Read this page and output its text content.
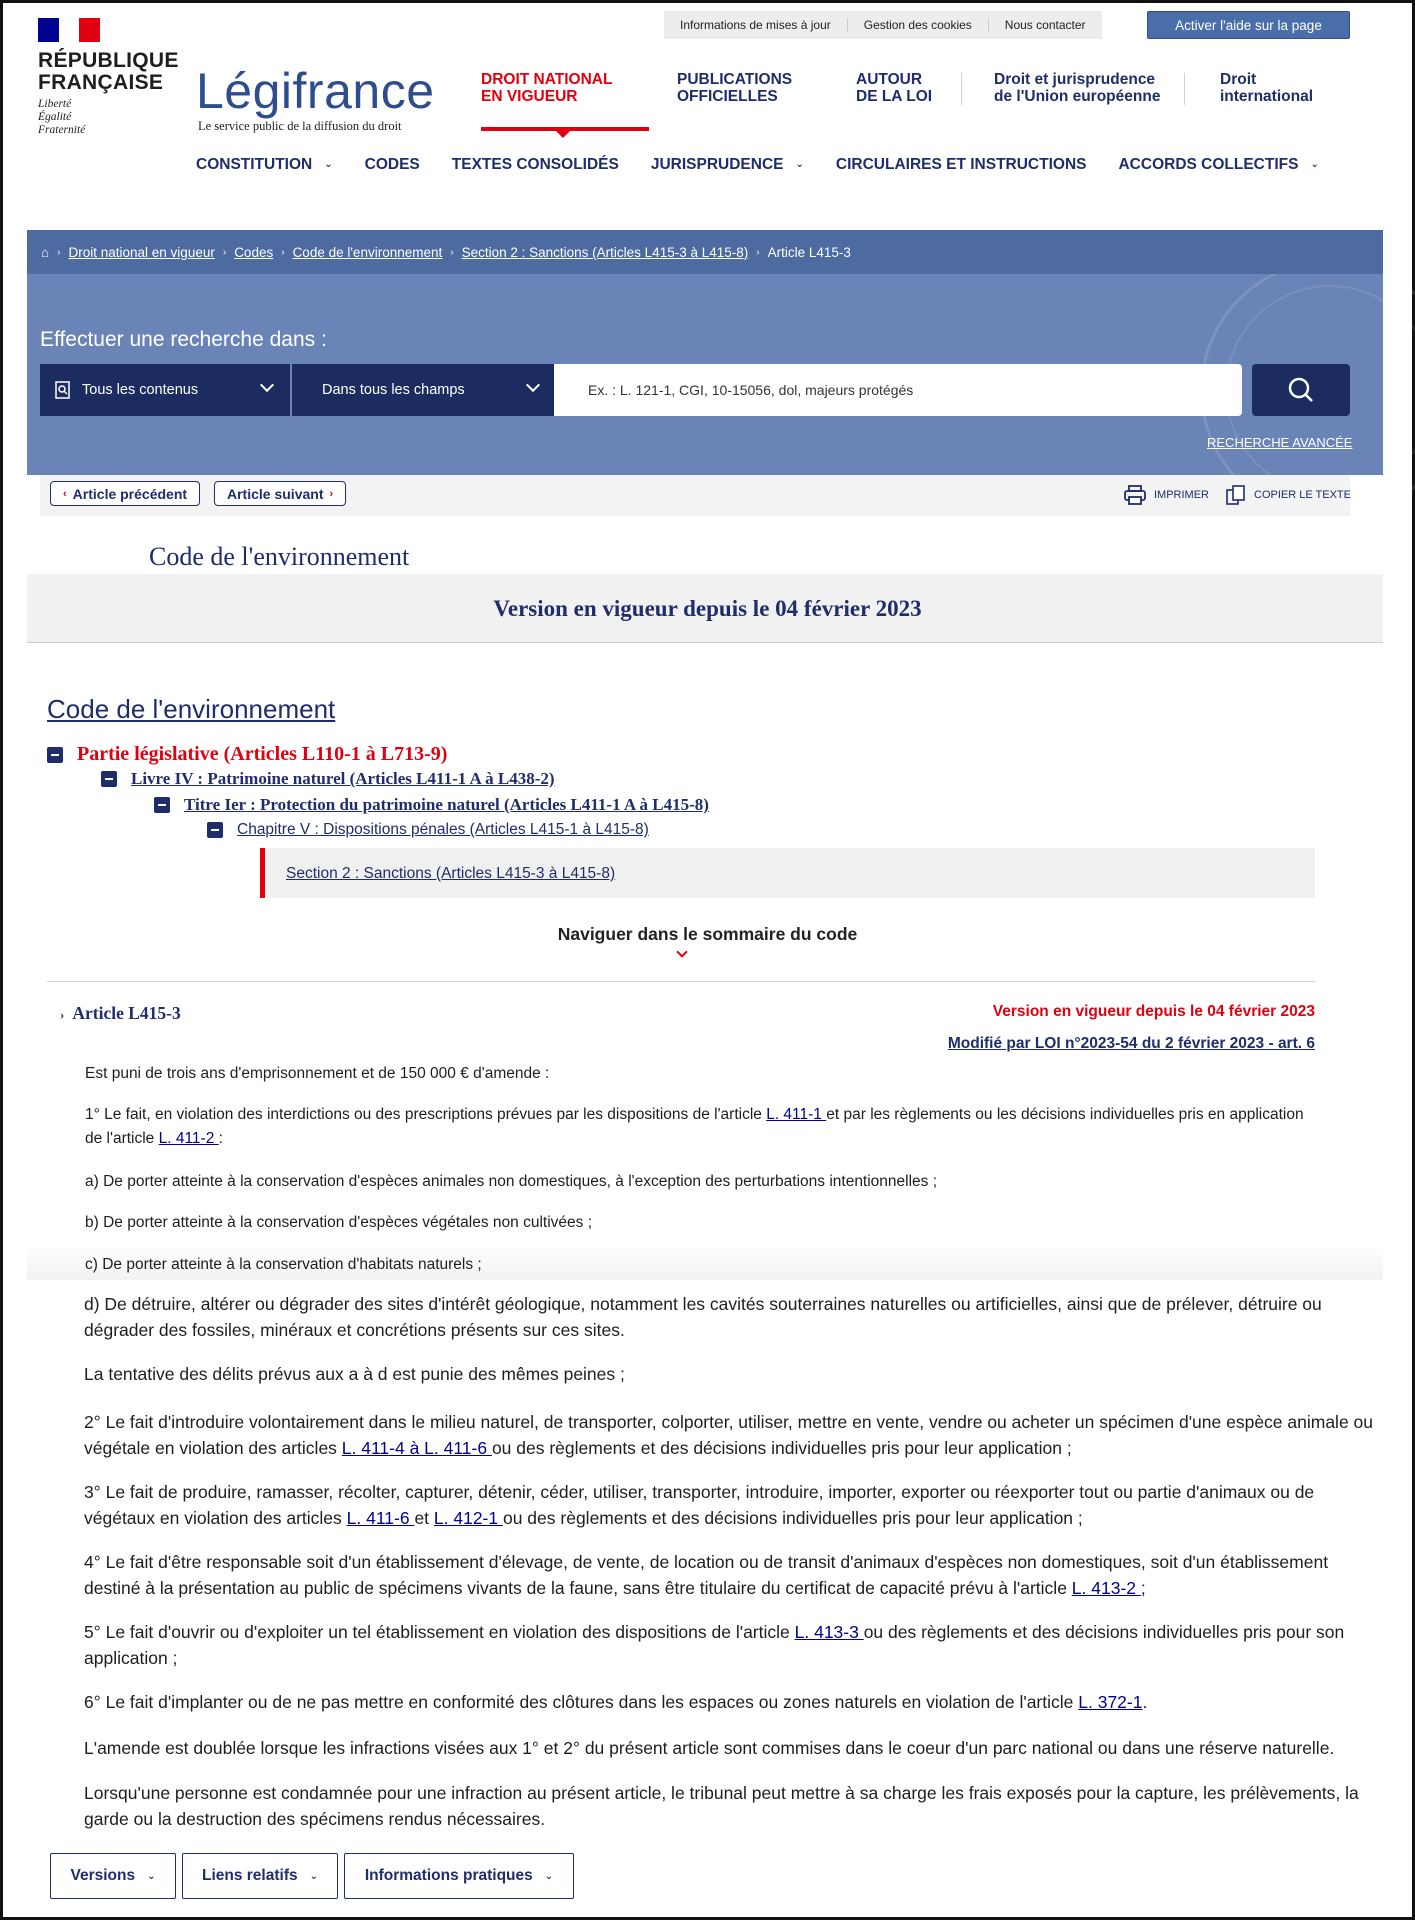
Informations de mises à jour	Gestion des cookies	Nous contacter	Activer l'aide sur la page
RÉPUBLIQUE
FRANÇAISE
Liberté
Égalité
Fraternité
Légifrance
Le service public de la diffusion du droit
DROIT NATIONAL
EN VIGUEUR
PUBLICATIONS
OFFICIELLES
AUTOUR
DE LA LOI
Droit et jurisprudence
de l'Union européenne
Droit
international
CONSTITUTION ⌄ CODES TEXTES CONSOLIDÉS JURISPRUDENCE ⌄ CIRCULAIRES ET INSTRUCTIONS ACCORDS COLLECTIFS ⌄
⌂ › Droit national en vigueur › Codes › Code de l'environnement › Section 2 : Sanctions (Articles L415-3 à L415-8) › Article L415-3
Effectuer une recherche dans :
Tous les contenus	Dans tous les champs	Ex. : L. 121-1, CGI, 10-15056, dol, majeurs protégés
RECHERCHE AVANCÉE
‹ Article précédent	Article suivant ›	IMPRIMER	COPIER LE TEXTE
Code de l'environnement
Version en vigueur depuis le 04 février 2023
Code de l'environnement
Partie législative (Articles L110-1 à L713-9)
Livre IV : Patrimoine naturel (Articles L411-1 A à L438-2)
Titre Ier : Protection du patrimoine naturel (Articles L411-1 A à L415-8)
Chapitre V : Dispositions pénales (Articles L415-1 à L415-8)
Section 2 : Sanctions (Articles L415-3 à L415-8)
Naviguer dans le sommaire du code
› Article L415-3	Version en vigueur depuis le 04 février 2023
Modifié par LOI n°2023-54 du 2 février 2023 - art. 6
Est puni de trois ans d'emprisonnement et de 150 000 € d'amende :
1° Le fait, en violation des interdictions ou des prescriptions prévues par les dispositions de l'article L. 411-1 et par les règlements ou les décisions individuelles pris en application de l'article L. 411-2 :
a) De porter atteinte à la conservation d'espèces animales non domestiques, à l'exception des perturbations intentionnelles ;
b) De porter atteinte à la conservation d'espèces végétales non cultivées ;
c) De porter atteinte à la conservation d'habitats naturels ;
d) De détruire, altérer ou dégrader des sites d'intérêt géologique, notamment les cavités souterraines naturelles ou artificielles, ainsi que de prélever, détruire ou dégrader des fossiles, minéraux et concrétions présents sur ces sites.
La tentative des délits prévus aux a à d est punie des mêmes peines ;
2° Le fait d'introduire volontairement dans le milieu naturel, de transporter, colporter, utiliser, mettre en vente, vendre ou acheter un spécimen d'une espèce animale ou végétale en violation des articles L. 411-4 à L. 411-6 ou des règlements et des décisions individuelles pris pour leur application ;
3° Le fait de produire, ramasser, récolter, capturer, détenir, céder, utiliser, transporter, introduire, importer, exporter ou réexporter tout ou partie d'animaux ou de végétaux en violation des articles L. 411-6 et L. 412-1 ou des règlements et des décisions individuelles pris pour leur application ;
4° Le fait d'être responsable soit d'un établissement d'élevage, de vente, de location ou de transit d'animaux d'espèces non domestiques, soit d'un établissement destiné à la présentation au public de spécimens vivants de la faune, sans être titulaire du certificat de capacité prévu à l'article L. 413-2 ;
5° Le fait d'ouvrir ou d'exploiter un tel établissement en violation des dispositions de l'article L. 413-3 ou des règlements et des décisions individuelles pris pour son application ;
6° Le fait d'implanter ou de ne pas mettre en conformité des clôtures dans les espaces ou zones naturels en violation de l'article L. 372-1.
L'amende est doublée lorsque les infractions visées aux 1° et 2° du présent article sont commises dans le coeur d'un parc national ou dans une réserve naturelle.
Lorsqu'une personne est condamnée pour une infraction au présent article, le tribunal peut mettre à sa charge les frais exposés pour la capture, les prélèvements, la garde ou la destruction des spécimens rendus nécessaires.
Versions ⌄	Liens relatifs ⌄	Informations pratiques ⌄
